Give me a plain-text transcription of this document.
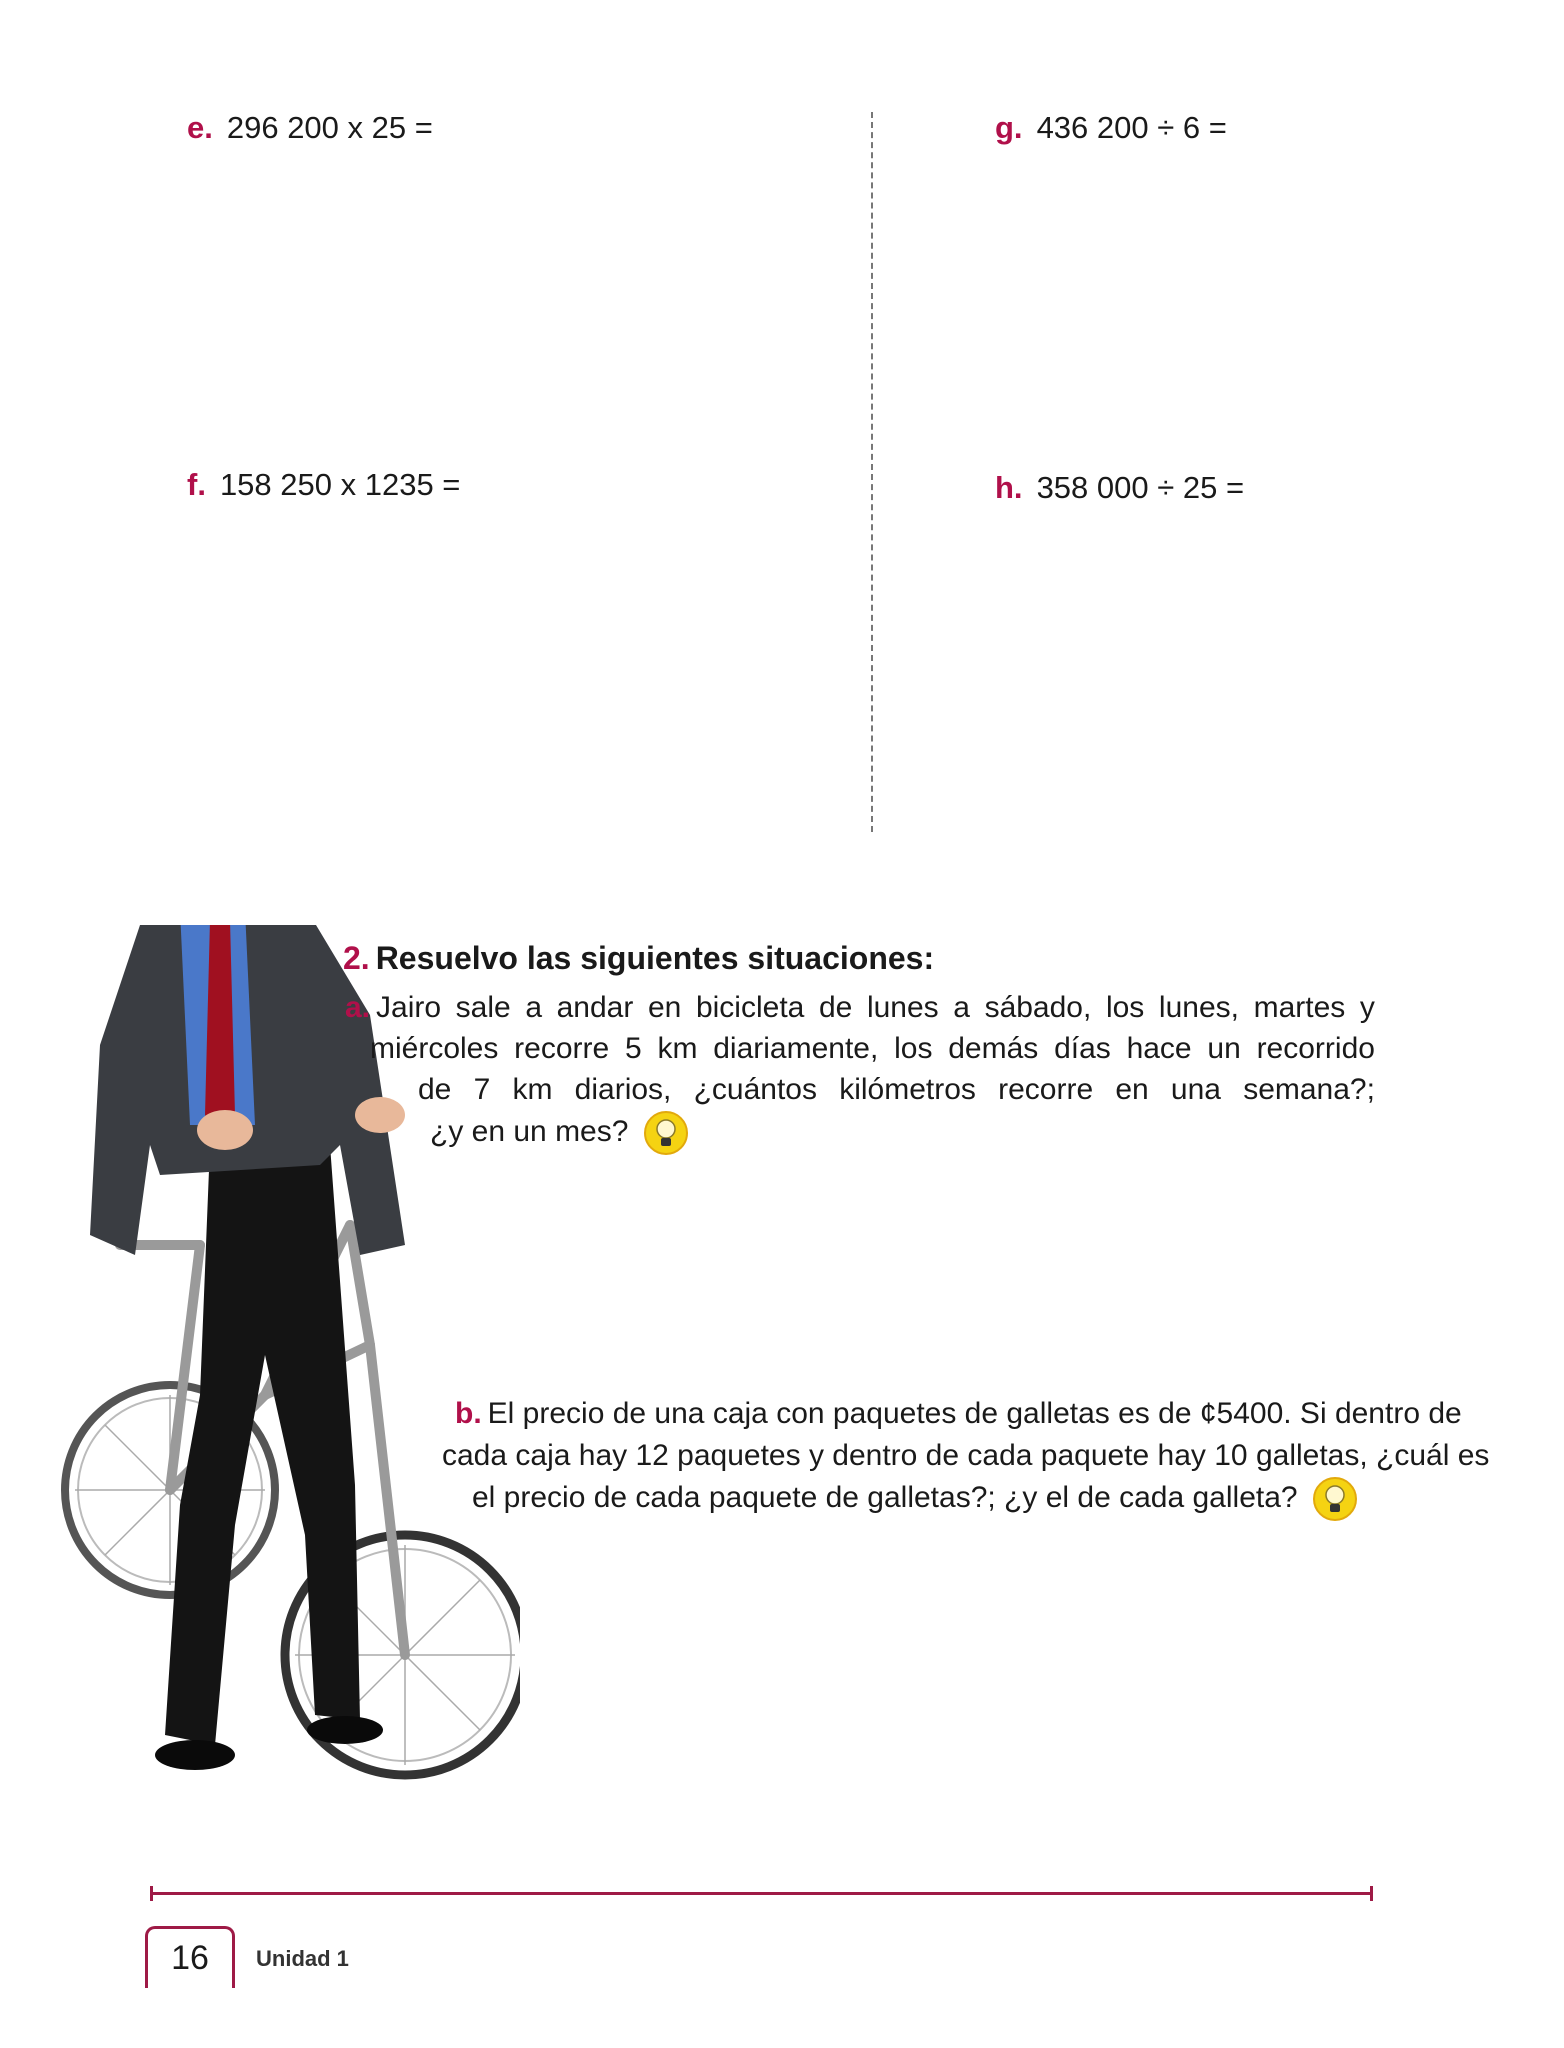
e. 296 200 x 25 =
f. 158 250 x 1235 =
g. 436 200 ÷ 6 =
h. 358 000 ÷ 25 =
2. Resuelvo las siguientes situaciones:
a. Jairo sale a andar en bicicleta de lunes a sábado, los lunes, martes y
miércoles recorre 5 km diariamente, los demás días hace un recorrido
de 7 km diarios, ¿cuántos kilómetros recorre en una semana?;
¿y en un mes?
b. El precio de una caja con paquetes de galletas es de ¢5400. Si dentro de
cada caja hay 12 paquetes y dentro de cada paquete hay 10 galletas, ¿cuál es
el precio de cada paquete de galletas?; ¿y el de cada galleta?
16	Unidad 1
